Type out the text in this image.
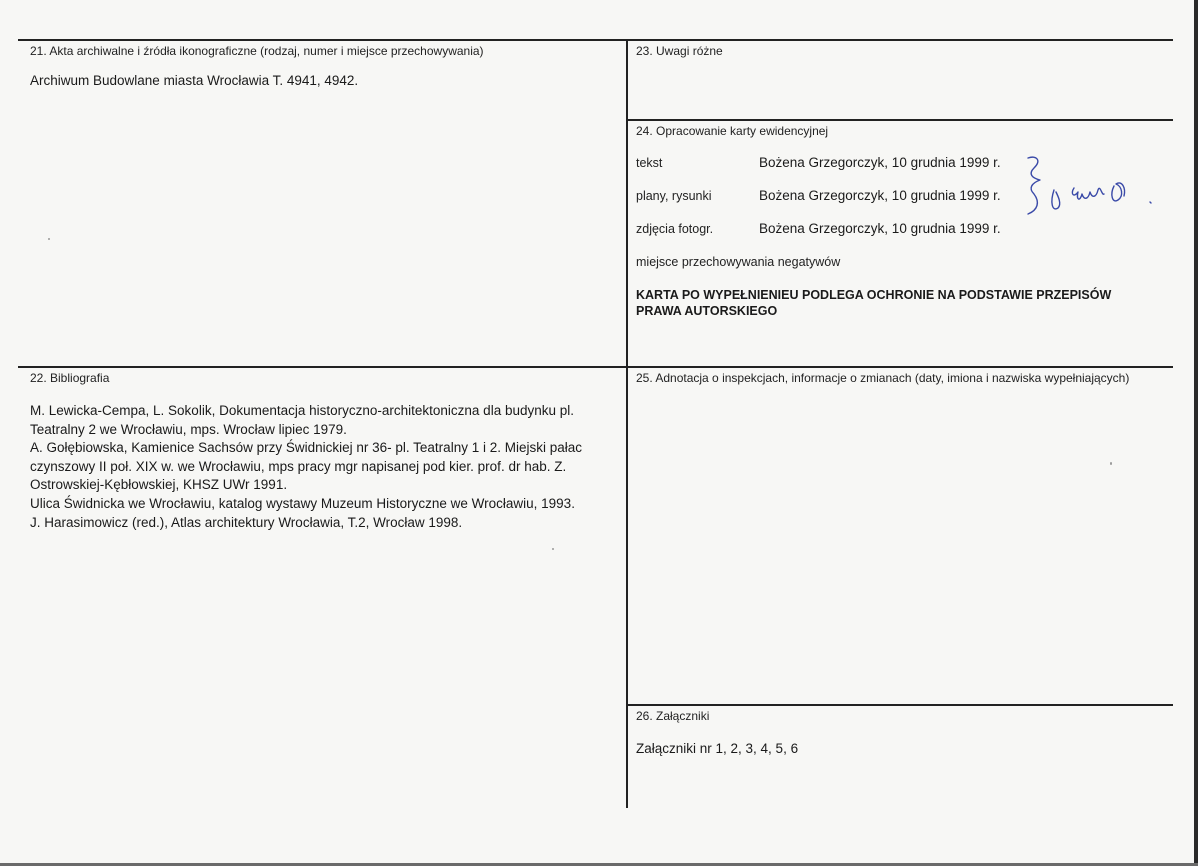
21. Akta archiwalne i źródła ikonograficzne (rodzaj, numer i miejsce przechowywania)
Archiwum Budowlane miasta Wrocławia T. 4941, 4942.
23. Uwagi różne
24. Opracowanie karty ewidencyjnej
tekst	Bożena Grzegorczyk, 10 grudnia 1999 r.
plany, rysunki	Bożena Grzegorczyk, 10 grudnia 1999 r.
zdjęcia fotogr.	Bożena Grzegorczyk, 10 grudnia 1999 r.
miejsce przechowywania negatywów
KARTA PO WYPEŁNIENIEU PODLEGA OCHRONIE NA PODSTAWIE PRZEPISÓW
PRAWA AUTORSKIEGO
22. Bibliografia
M. Lewicka-Cempa, L. Sokolik, Dokumentacja historyczno-architektoniczna dla budynku pl.
Teatralny 2 we Wrocławiu, mps. Wrocław lipiec 1979.
A. Gołębiowska, Kamienice Sachsów przy Świdnickiej nr 36- pl. Teatralny 1 i 2. Miejski pałac
czynszowy II poł. XIX w. we Wrocławiu, mps pracy mgr napisanej pod kier. prof. dr hab. Z.
Ostrowskiej-Kębłowskiej, KHSZ UWr 1991.
Ulica Świdnicka we Wrocławiu, katalog wystawy Muzeum Historyczne we Wrocławiu, 1993.
J. Harasimowicz (red.), Atlas architektury Wrocławia, T.2, Wrocław 1998.
25. Adnotacja o inspekcjach, informacje o zmianach (daty, imiona i nazwiska wypełniających)
26. Załączniki
Załączniki nr 1, 2, 3, 4, 5, 6
